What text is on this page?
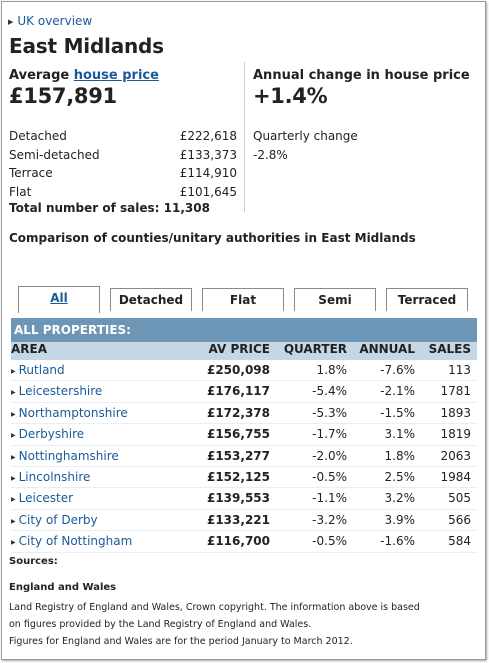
▶ UK overview
East Midlands
Average house price
£157,891
Detached	£222,618
Semi-detached	£133,373
Terrace	£114,910
Flat	£101,645
Total number of sales: 11,308
Annual change in house price
+1.4%
Quarterly change
-2.8%
Comparison of counties/unitary authorities in East Midlands
All	Detached	Flat	Semi	Terraced
ALL PROPERTIES:
AREA	AV PRICE	QUARTER	ANNUAL	SALES
▶ Rutland	£250,098	1.8%	-7.6%	113
▶ Leicestershire	£176,117	-5.4%	-2.1%	1781
▶ Northamptonshire	£172,378	-5.3%	-1.5%	1893
▶ Derbyshire	£156,755	-1.7%	3.1%	1819
▶ Nottinghamshire	£153,277	-2.0%	1.8%	2063
▶ Lincolnshire	£152,125	-0.5%	2.5%	1984
▶ Leicester	£139,553	-1.1%	3.2%	505
▶ City of Derby	£133,221	-3.2%	3.9%	566
▶ City of Nottingham	£116,700	-0.5%	-1.6%	584
Sources:
England and Wales
Land Registry of England and Wales, Crown copyright. The information above is based
on figures provided by the Land Registry of England and Wales.
Figures for England and Wales are for the period January to March 2012.
